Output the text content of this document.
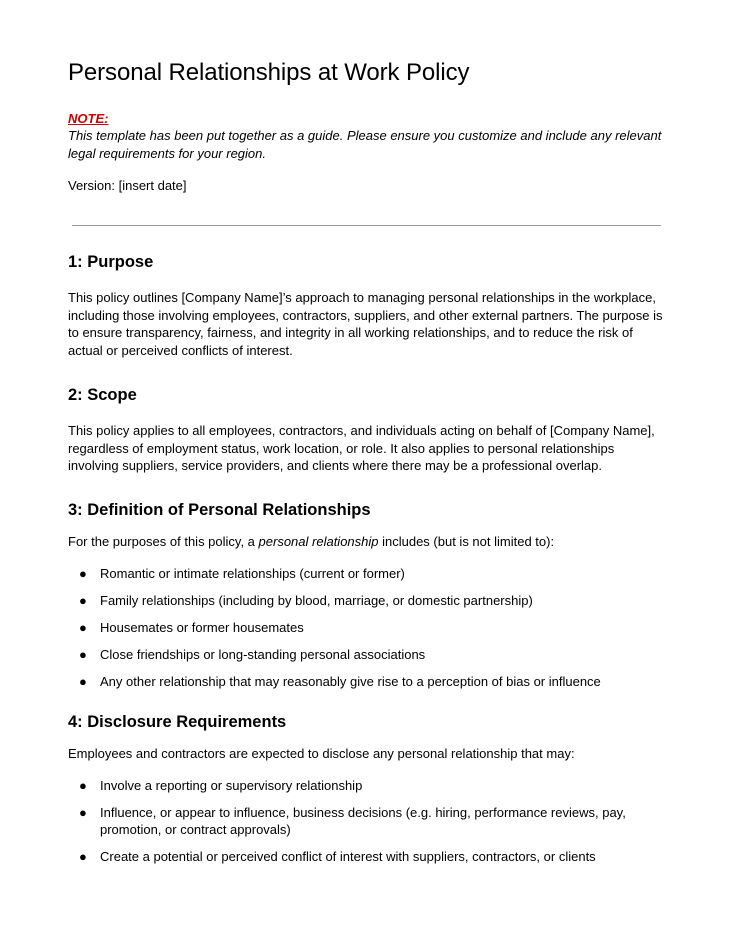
Personal Relationships at Work Policy
NOTE:

This template has been put together as a guide. Please ensure you customize and include any relevant legal requirements for your region.

Version: [insert date]

1: Purpose

This policy outlines [Company Name]’s approach to managing personal relationships in the workplace, including those involving employees, contractors, suppliers, and other external partners. The purpose is to ensure transparency, fairness, and integrity in all working relationships, and to reduce the risk of actual or perceived conflicts of interest.

2: Scope

This policy applies to all employees, contractors, and individuals acting on behalf of [Company Name], regardless of employment status, work location, or role. It also applies to personal relationships involving suppliers, service providers, and clients where there may be a professional overlap.

3: Definition of Personal Relationships

For the purposes of this policy, a personal relationship includes (but is not limited to):

● Romantic or intimate relationships (current or former)
● Family relationships (including by blood, marriage, or domestic partnership)
● Housemates or former housemates
● Close friendships or long-standing personal associations
● Any other relationship that may reasonably give rise to a perception of bias or influence
4: Disclosure Requirements

Employees and contractors are expected to disclose any personal relationship that may:

● Involve a reporting or supervisory relationship
● Influence, or appear to influence, business decisions (e.g. hiring, performance reviews, pay, promotion, or contract approvals)
● Create a potential or perceived conflict of interest with suppliers, contractors, or clients
